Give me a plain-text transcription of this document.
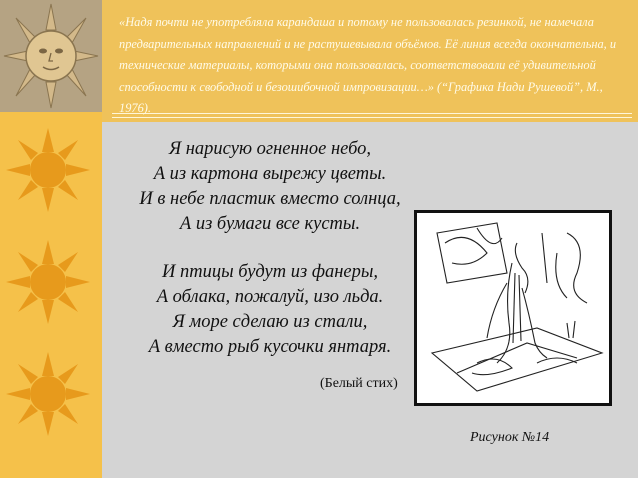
«Надя почти не употребляла карандаша и потому не пользовалась резинкой, не намечала предварительных направлений и не растушевывала объёмов. Её линия всегда окончательна, и технические материалы, которыми она пользовалась, соответствовали её удивительной способности к свободной и безошибочной импровизации…» (“Графика Нади Рушевой”, М., 1976).

Я нарисую огненное небо,

А из картона вырежу цветы.

И в небе пластик вместо солнца,

А из бумаги все кусты.

И птицы будут из фанеры,

А облака, пожалуй, изо льда.

Я море сделаю из стали,

А вместо рыб кусочки янтаря.

(Белый стих)
Рисунок №14
